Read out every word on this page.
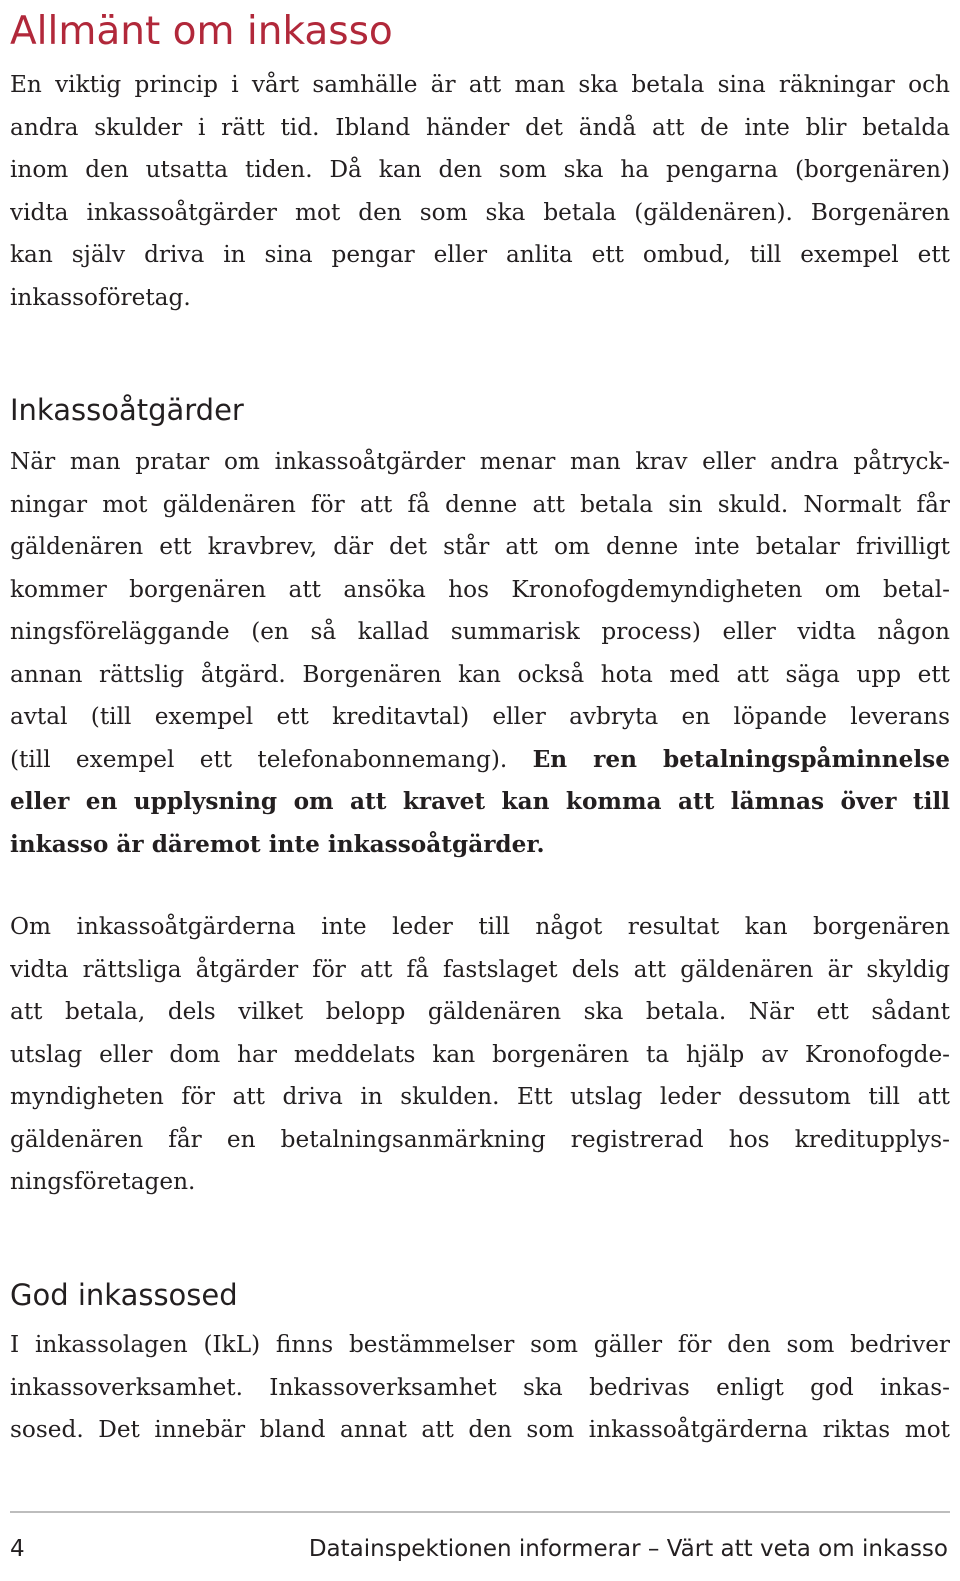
Allmänt om inkasso

En viktig princip i vårt samhälle är att man ska betala sina räkningar och
andra skulder i rätt tid. Ibland händer det ändå att de inte blir betalda
inom den utsatta tiden. Då kan den som ska ha pengarna (borgenären)
vidta inkassoåtgärder mot den som ska betala (gäldenären). Borgenären
kan själv driva in sina pengar eller anlita ett ombud, till exempel ett
inkassoföretag.

Inkassoåtgärder

När man pratar om inkassoåtgärder menar man krav eller andra påtryck-
ningar mot gäldenären för att få denne att betala sin skuld. Normalt får
gäldenären ett kravbrev, där det står att om denne inte betalar frivilligt
kommer borgenären att ansöka hos Kronofogdemyndigheten om betal-
ningsföreläggande (en så kallad summarisk process) eller vidta någon
annan rättslig åtgärd. Borgenären kan också hota med att säga upp ett
avtal (till exempel ett kreditavtal) eller avbryta en löpande leverans
(till exempel ett telefonabonnemang). En ren betalningspåminnelse
eller en upplysning om att kravet kan komma att lämnas över till
inkasso är däremot inte inkassoåtgärder.

Om inkassoåtgärderna inte leder till något resultat kan borgenären
vidta rättsliga åtgärder för att få fastslaget dels att gäldenären är skyldig
att betala, dels vilket belopp gäldenären ska betala. När ett sådant
utslag eller dom har meddelats kan borgenären ta hjälp av Kronofogde-
myndigheten för att driva in skulden. Ett utslag leder dessutom till att
gäldenären får en betalningsanmärkning registrerad hos kreditupplys-
ningsföretagen.

God inkassosed

I inkassolagen (IkL) finns bestämmelser som gäller för den som bedriver
inkassoverksamhet. Inkassoverksamhet ska bedrivas enligt god inkas-
sosed. Det innebär bland annat att den som inkassoåtgärderna riktas mot

4	Datainspektionen informerar – Värt att veta om inkasso
